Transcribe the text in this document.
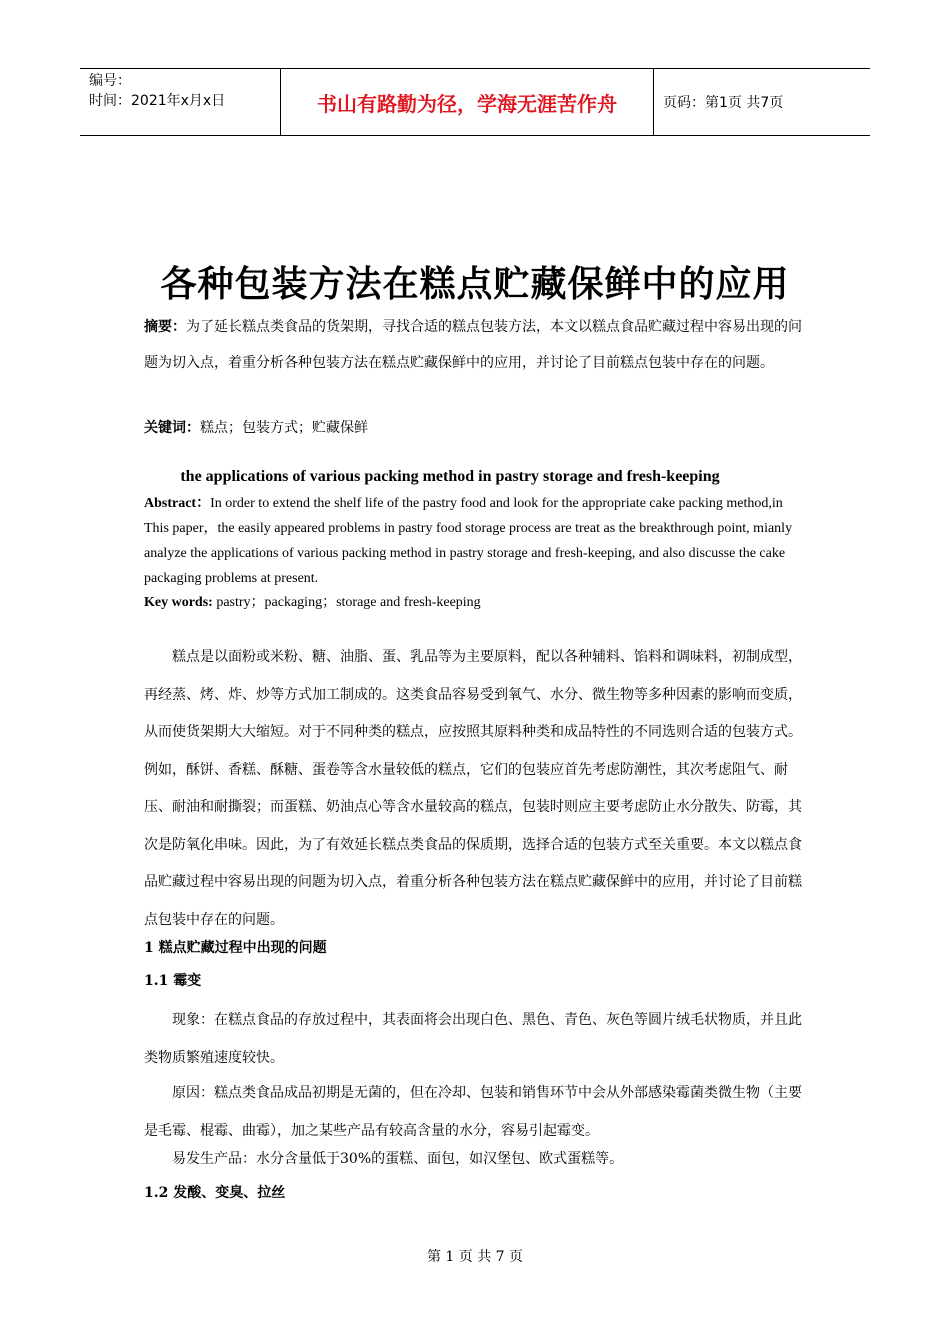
编号：
时间：2021年x月x日	书山有路勤为径，学海无涯苦作舟	页码：第1页 共7页
各种包装方法在糕点贮藏保鲜中的应用
摘要：为了延长糕点类食品的货架期，寻找合适的糕点包装方法，本文以糕点食品贮藏过程中容易出现的问题为切入点，着重分析各种包装方法在糕点贮藏保鲜中的应用，并讨论了目前糕点包装中存在的问题。
关键词：糕点；包装方式；贮藏保鲜
the applications of various packing method in pastry storage and fresh-keeping
Abstract：In order to extend the shelf life of the pastry food and look for the appropriate cake packing method,in This paper，the easily appeared problems in pastry food storage process are treat as the breakthrough point, mianly analyze the applications of various packing method in pastry storage and fresh-keeping, and also discusse the cake packaging problems at present.
Key words: pastry；packaging；storage and fresh-keeping
糕点是以面粉或米粉、糖、油脂、蛋、乳品等为主要原料，配以各种辅料、馅料和调味料，初制成型，再经蒸、烤、炸、炒等方式加工制成的。这类食品容易受到氧气、水分、微生物等多种因素的影响而变质，从而使货架期大大缩短。对于不同种类的糕点，应按照其原料种类和成品特性的不同选则合适的包装方式。例如，酥饼、香糕、酥糖、蛋卷等含水量较低的糕点，它们的包装应首先考虑防潮性，其次考虑阻气、耐压、耐油和耐撕裂；而蛋糕、奶油点心等含水量较高的糕点，包装时则应主要考虑防止水分散失、防霉，其次是防氧化串味。因此，为了有效延长糕点类食品的保质期，选择合适的包装方式至关重要。本文以糕点食品贮藏过程中容易出现的问题为切入点，着重分析各种包装方法在糕点贮藏保鲜中的应用，并讨论了目前糕点包装中存在的问题。
1 糕点贮藏过程中出现的问题
1.1 霉变
现象：在糕点食品的存放过程中，其表面将会出现白色、黑色、青色、灰色等圆片绒毛状物质，并且此类物质繁殖速度较快。
原因：糕点类食品成品初期是无菌的，但在冷却、包装和销售环节中会从外部感染霉菌类微生物（主要是毛霉、棍霉、曲霉），加之某些产品有较高含量的水分，容易引起霉变。
易发生产品：水分含量低于30%的蛋糕、面包，如汉堡包、欧式蛋糕等。
1.2 发酸、变臭、拉丝
第 1 页 共 7 页
